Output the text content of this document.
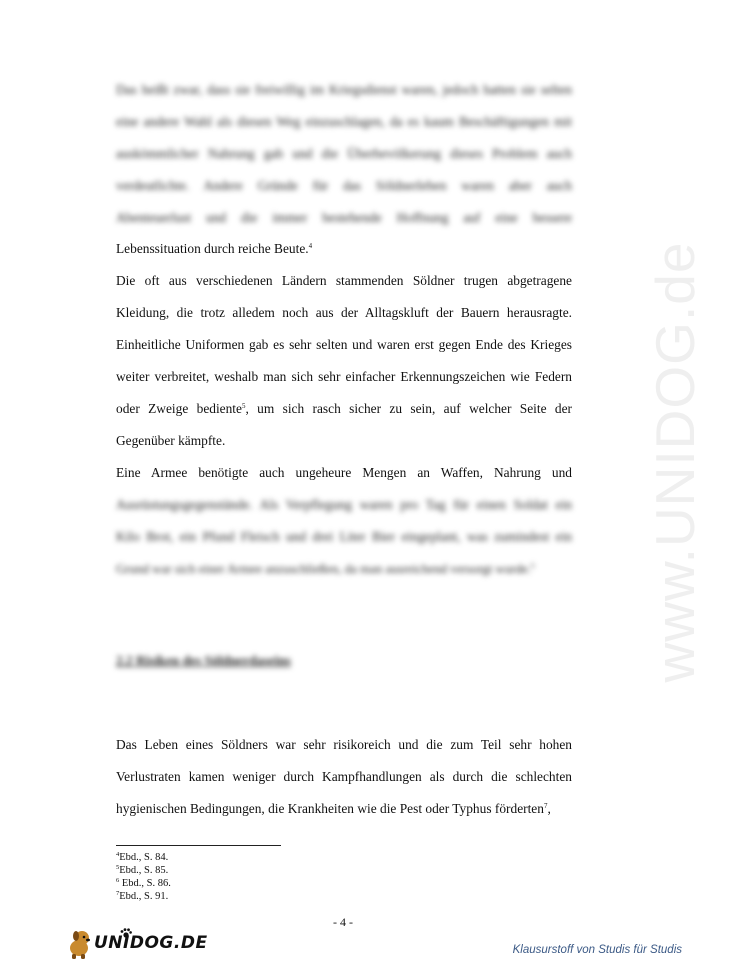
www.UNIDOG.de
Das heißt zwar, dass sie freiwillig im Kriegsdienst waren, jedoch hatten sie selten
eine andere Wahl als diesen Weg einzuschlagen, da es kaum Beschäftigungen mit
auskömmlicher Nahrung gab und die Überbevölkerung dieses Problem auch
verdeutlichte. Andere Gründe für das Söldnerleben waren aber auch
Abenteuerlust und die immer bestehende Hoffnung auf eine bessere
Lebenssituation durch reiche Beute.$^4$
Die oft aus verschiedenen Ländern stammenden Söldner trugen abgetragene
Kleidung, die trotz alledem noch aus der Alltagskluft der Bauern herausragte.
Einheitliche Uniformen gab es sehr selten und waren erst gegen Ende des Krieges
weiter verbreitet, weshalb man sich sehr einfacher Erkennungszeichen wie Federn
oder Zweige bediente$^5$, um sich rasch sicher zu sein, auf welcher Seite der
Gegenüber kämpfte.
Eine Armee benötigte auch ungeheure Mengen an Waffen, Nahrung und
Ausrüstungsgegenstände. Als Verpflegung waren pro Tag für einen Soldat ein
Kilo Brot, ein Pfund Fleisch und drei Liter Bier eingeplant, was zumindest ein
Grund war sich einer Armee anzuschließen, da man ausreichend versorgt wurde.$^6$
2.2 Risiken des Söldnerdaseins
Das Leben eines Söldners war sehr risikoreich und die zum Teil sehr hohen
Verlustraten kamen weniger durch Kampfhandlungen als durch die schlechten
hygienischen Bedingungen, die Krankheiten wie die Pest oder Typhus förderten$^7$,
$^4$Ebd., S. 84.
$^5$Ebd., S. 85.
$^6$ Ebd., S. 86.
$^7$Ebd., S. 91.
- 4 -
UNIDOG.DE	Klausurstoff von Studis für Studis
